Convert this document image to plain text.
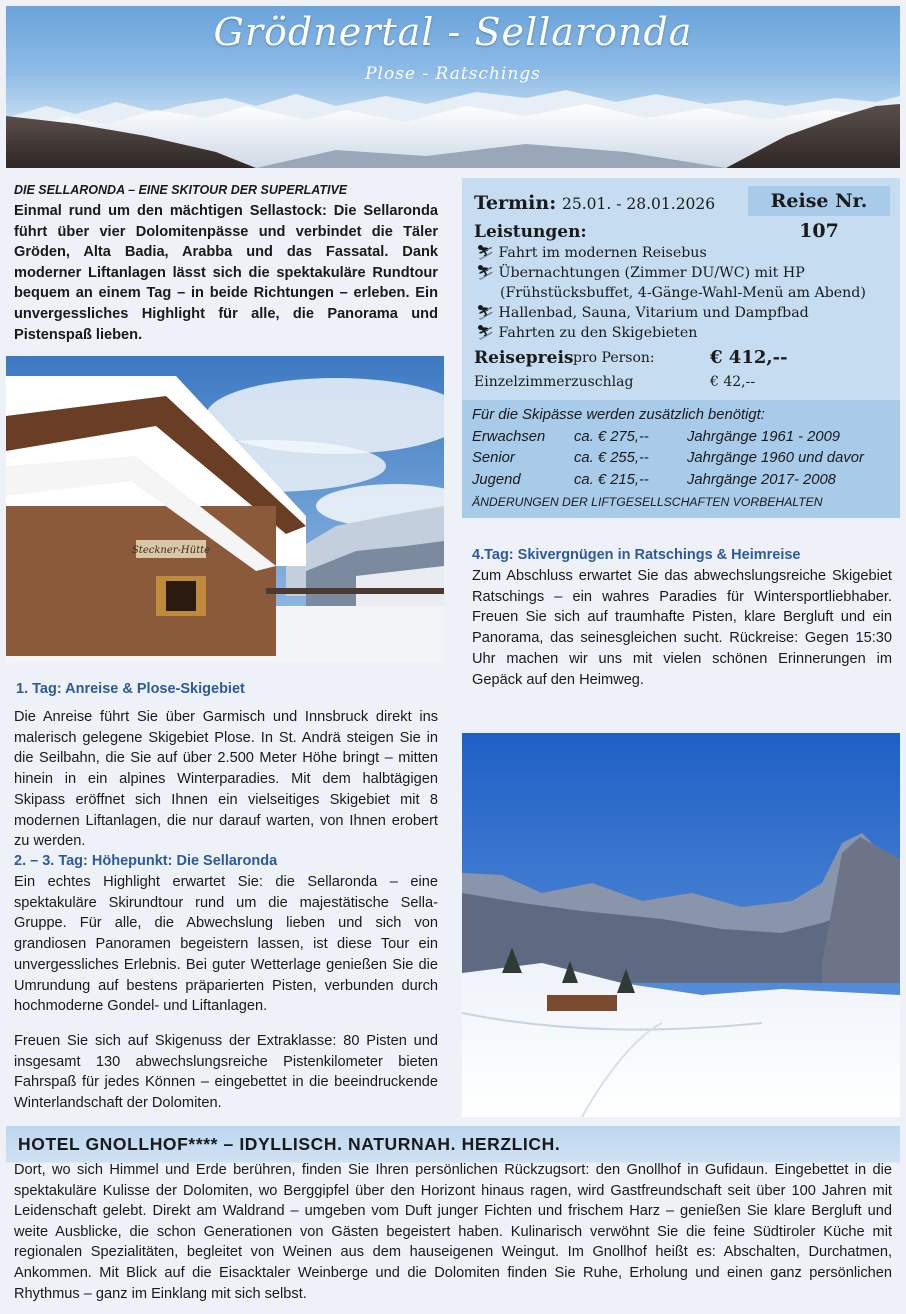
Grödnertal - Sellaronda
Plose - Ratschings
DIE SELLARONDA – EINE SKITOUR DER SUPERLATIVE
Einmal rund um den mächtigen Sellastock: Die Sellaronda führt über vier Dolomitenpässe und verbindet die Täler Gröden, Alta Badia, Arabba und das Fassatal. Dank moderner Liftanlagen lässt sich die spektakuläre Rundtour bequem an einem Tag – in beide Richtungen – erleben. Ein unvergessliches Highlight für alle, die Panorama und Pistenspaß lieben.
Steckner-Hütte
1. Tag: Anreise & Plose-Skigebiet
Die Anreise führt Sie über Garmisch und Innsbruck direkt ins malerisch gelegene Skigebiet Plose. In St. Andrä steigen Sie in die Seilbahn, die Sie auf über 2.500 Meter Höhe bringt – mitten hinein in ein alpines Winterparadies. Mit dem halbtägigen Skipass eröffnet sich Ihnen ein vielseitiges Skigebiet mit 8 modernen Liftanlagen, die nur darauf warten, von Ihnen erobert zu werden.
2. – 3. Tag: Höhepunkt: Die Sellaronda
Ein echtes Highlight erwartet Sie: die Sellaronda – eine spektakuläre Skirundtour rund um die majestätische Sella-Gruppe. Für alle, die Abwechslung lieben und sich von grandiosen Panoramen begeistern lassen, ist diese Tour ein unvergessliches Erlebnis. Bei guter Wetterlage genießen Sie die Umrundung auf bestens präparierten Pisten, verbunden durch hochmoderne Gondel- und Liftanlagen.
Freuen Sie sich auf Skigenuss der Extraklasse: 80 Pisten und insgesamt 130 abwechslungsreiche Pistenkilometer bieten Fahrspaß für jedes Können – eingebettet in die beeindruckende Winterlandschaft der Dolomiten.
Termin: 25.01. - 28.01.2026	Reise Nr. 107
Leistungen:
⛷ Fahrt im modernen Reisebus
⛷ Übernachtungen (Zimmer DU/WC) mit HP
(Frühstücksbuffet, 4-Gänge-Wahl-Menü am Abend)
⛷ Hallenbad, Sauna, Vitarium und Dampfbad
⛷ Fahrten zu den Skigebieten
Reisepreis pro Person:	€ 412,--
Einzelzimmerzuschlag	€ 42,--
Für die Skipässe werden zusätzlich benötigt:
Erwachsen ca. € 275,--	Jahrgänge 1961 - 2009
Senior	ca. € 255,--	Jahrgänge 1960 und davor
Jugend	ca. € 215,--	Jahrgänge 2017- 2008
ÄNDERUNGEN DER LIFTGESELLSCHAFTEN VORBEHALTEN
4.Tag: Skivergnügen in Ratschings & Heimreise
Zum Abschluss erwartet Sie das abwechslungsreiche Skigebiet Ratschings – ein wahres Paradies für Wintersportliebhaber. Freuen Sie sich auf traumhafte Pisten, klare Bergluft und ein Panorama, das seinesgleichen sucht. Rückreise: Gegen 15:30 Uhr machen wir uns mit vielen schönen Erinnerungen im Gepäck auf den Heimweg.
HOTEL GNOLLHOF**** – IDYLLISCH. NATURNAH. HERZLICH.
Dort, wo sich Himmel und Erde berühren, finden Sie Ihren persönlichen Rückzugsort: den Gnollhof in Gufidaun. Eingebettet in die spektakuläre Kulisse der Dolomiten, wo Berggipfel über den Horizont hinaus ragen, wird Gastfreundschaft seit über 100 Jahren mit Leidenschaft gelebt. Direkt am Waldrand – umgeben vom Duft junger Fichten und frischem Harz – genießen Sie klare Bergluft und weite Ausblicke, die schon Generationen von Gästen begeistert haben. Kulinarisch verwöhnt Sie die feine Südtiroler Küche mit regionalen Spezialitäten, begleitet von Weinen aus dem hauseigenen Weingut. Im Gnollhof heißt es: Abschalten, Durchatmen, Ankommen. Mit Blick auf die Eisacktaler Weinberge und die Dolomiten finden Sie Ruhe, Erholung und einen ganz persönlichen Rhythmus – ganz im Einklang mit sich selbst.
